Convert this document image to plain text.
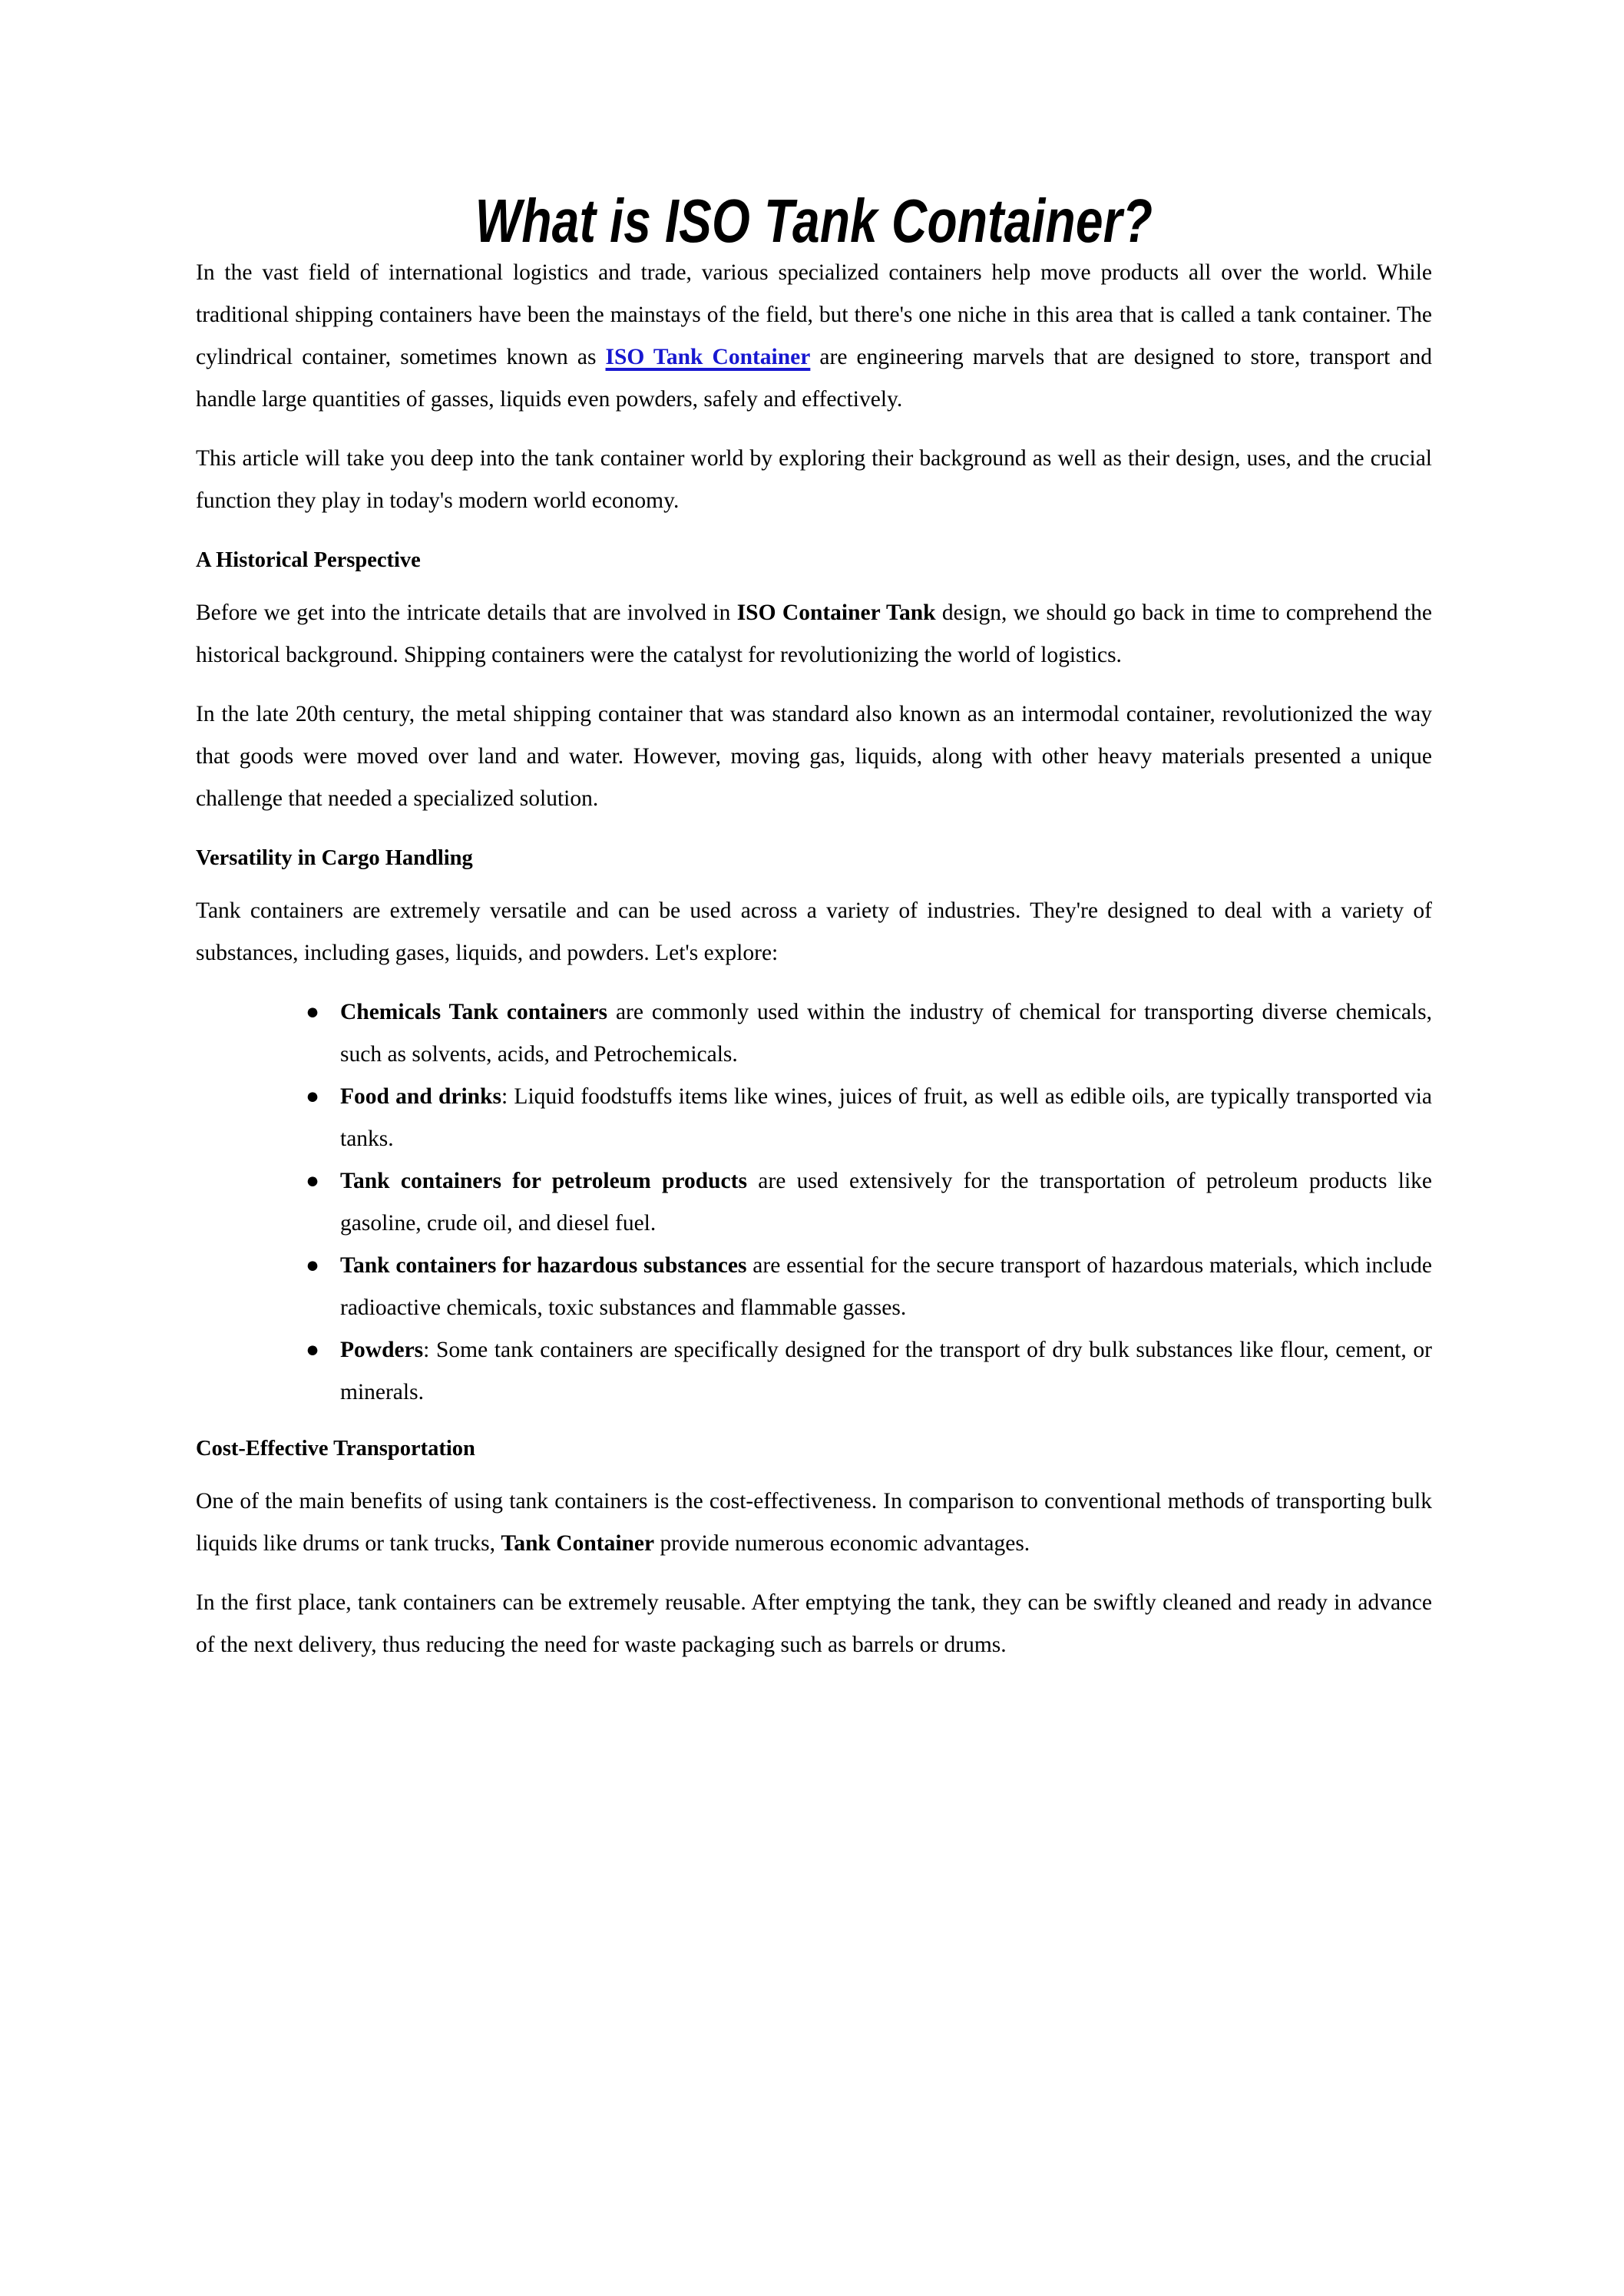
What is ISO Tank Container?

In the vast field of international logistics and trade, various specialized containers help move products all over the world. While traditional shipping containers have been the mainstays of the field, but there's one niche in this area that is called a tank container. The cylindrical container, sometimes known as ISO Tank Container are engineering marvels that are designed to store, transport and handle large quantities of gasses, liquids even powders, safely and effectively.

This article will take you deep into the tank container world by exploring their background as well as their design, uses, and the crucial function they play in today's modern world economy.

A Historical Perspective

Before we get into the intricate details that are involved in ISO Container Tank design, we should go back in time to comprehend the historical background. Shipping containers were the catalyst for revolutionizing the world of logistics.

In the late 20th century, the metal shipping container that was standard also known as an intermodal container, revolutionized the way that goods were moved over land and water. However, moving gas, liquids, along with other heavy materials presented a unique challenge that needed a specialized solution.

Versatility in Cargo Handling

Tank containers are extremely versatile and can be used across a variety of industries. They're designed to deal with a variety of substances, including gases, liquids, and powders. Let's explore:

● Chemicals Tank containers are commonly used within the industry of chemical for transporting diverse chemicals, such as solvents, acids, and Petrochemicals.
● Food and drinks: Liquid foodstuffs items like wines, juices of fruit, as well as edible oils, are typically transported via tanks.
● Tank containers for petroleum products are used extensively for the transportation of petroleum products like gasoline, crude oil, and diesel fuel.
● Tank containers for hazardous substances are essential for the secure transport of hazardous materials, which include radioactive chemicals, toxic substances and flammable gasses.
● Powders: Some tank containers are specifically designed for the transport of dry bulk substances like flour, cement, or minerals.
Cost-Effective Transportation

One of the main benefits of using tank containers is the cost-effectiveness. In comparison to conventional methods of transporting bulk liquids like drums or tank trucks, Tank Container provide numerous economic advantages.

In the first place, tank containers can be extremely reusable. After emptying the tank, they can be swiftly cleaned and ready in advance of the next delivery, thus reducing the need for waste packaging such as barrels or drums.
